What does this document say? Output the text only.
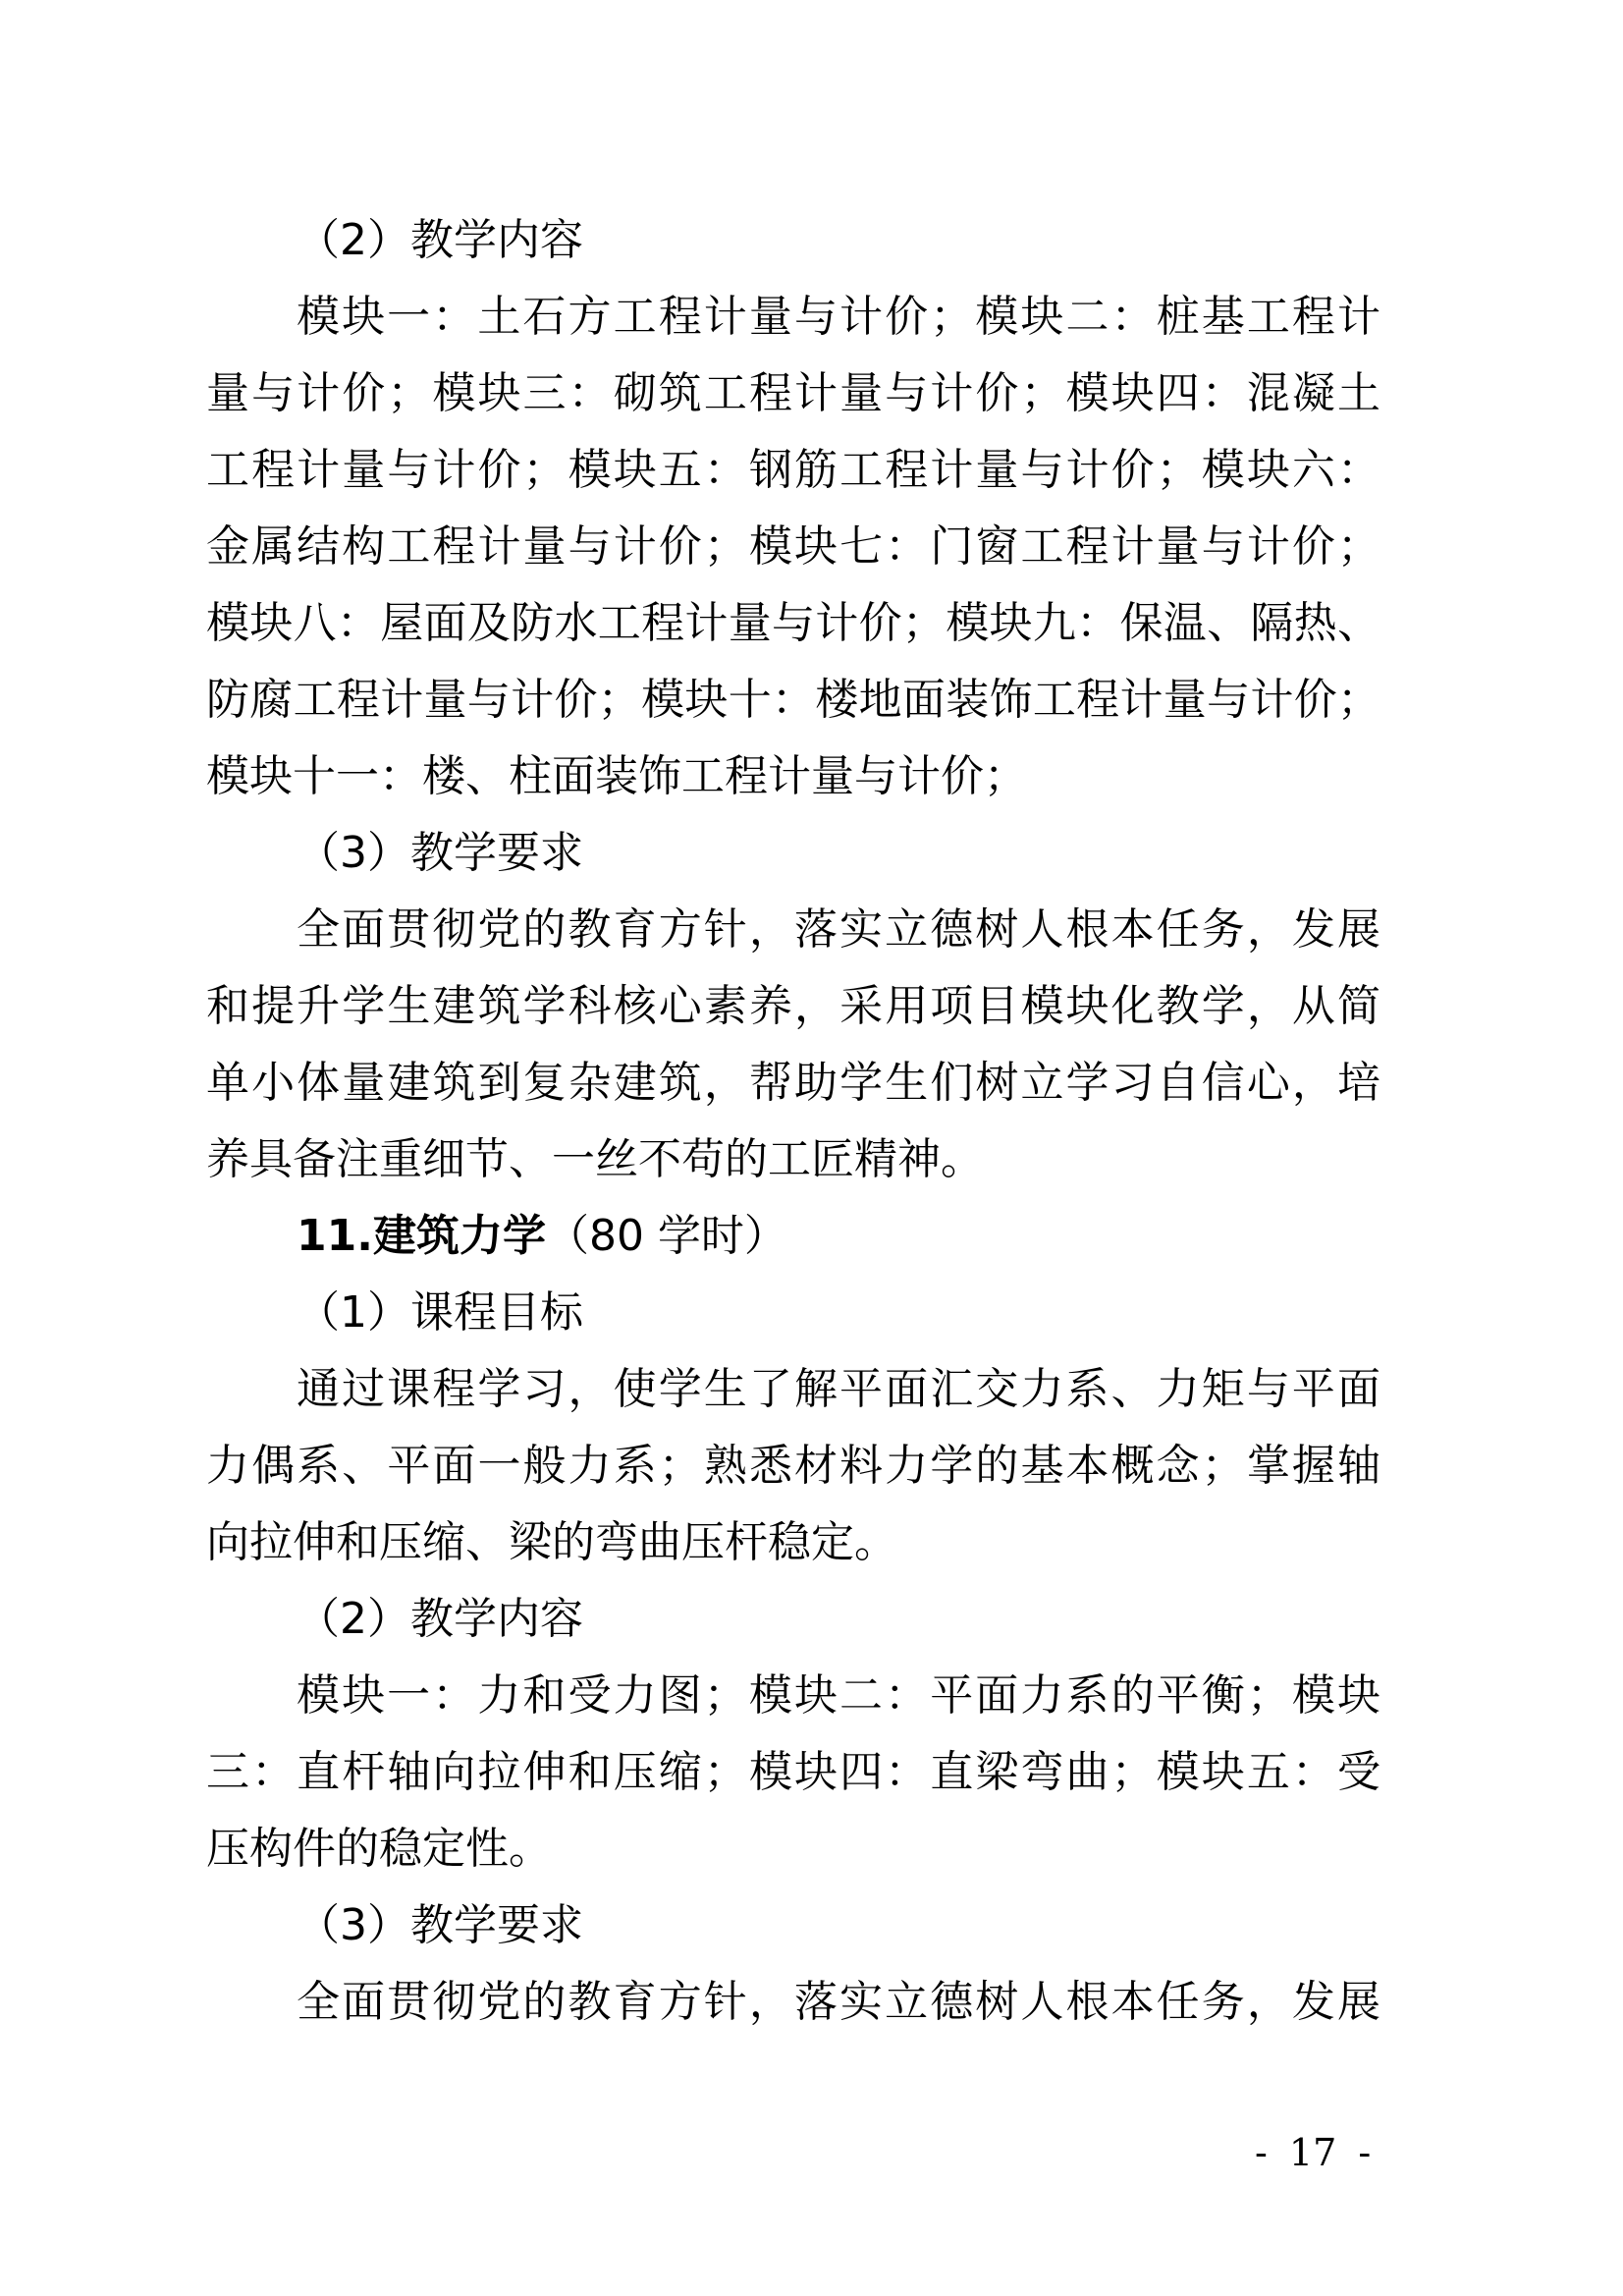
（2）教学内容
模块一：土石方工程计量与计价；模块二：桩基工程计
量与计价；模块三：砌筑工程计量与计价；模块四：混凝土
工程计量与计价；模块五：钢筋工程计量与计价；模块六：
金属结构工程计量与计价；模块七：门窗工程计量与计价；
模块八：屋面及防水工程计量与计价；模块九：保温、隔热、
防腐工程计量与计价；模块十：楼地面装饰工程计量与计价；
模块十一：楼、柱面装饰工程计量与计价；
（3）教学要求
全面贯彻党的教育方针，落实立德树人根本任务，发展
和提升学生建筑学科核心素养，采用项目模块化教学，从简
单小体量建筑到复杂建筑，帮助学生们树立学习自信心，培
养具备注重细节、一丝不苟的工匠精神。
11.建筑力学（80 学时）
（1）课程目标
通过课程学习，使学生了解平面汇交力系、力矩与平面
力偶系、平面一般力系；熟悉材料力学的基本概念；掌握轴
向拉伸和压缩、梁的弯曲压杆稳定。
（2）教学内容
模块一：力和受力图；模块二：平面力系的平衡；模块
三：直杆轴向拉伸和压缩；模块四：直梁弯曲；模块五：受
压构件的稳定性。
（3）教学要求
全面贯彻党的教育方针，落实立德树人根本任务，发展
- 17 -
